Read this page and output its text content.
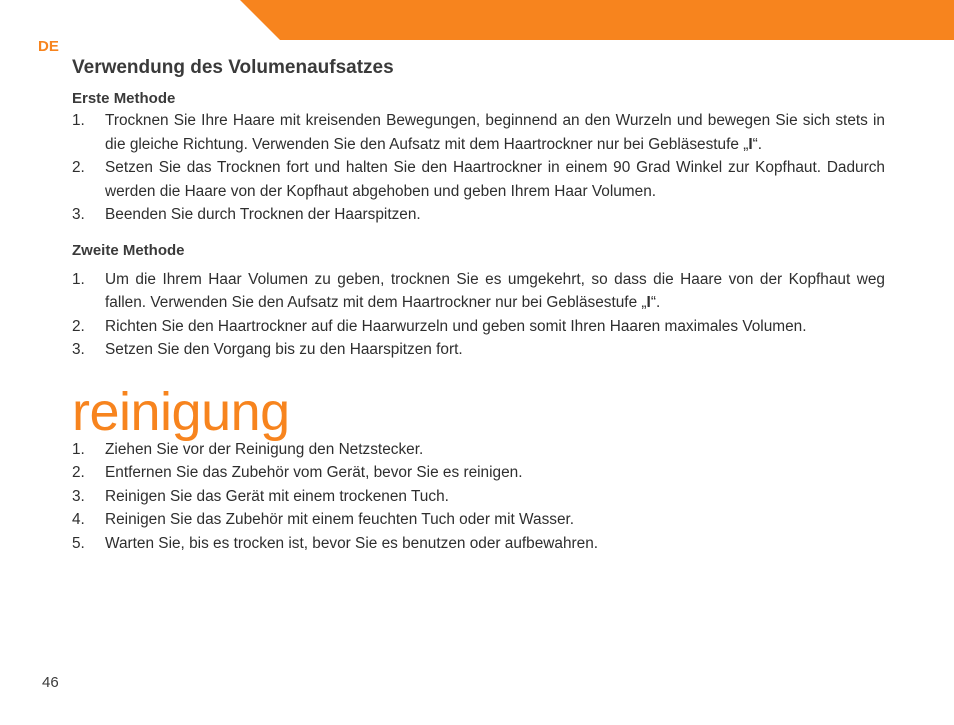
DE
Verwendung des Volumenaufsatzes
Erste Methode
1. Trocknen Sie Ihre Haare mit kreisenden Bewegungen, beginnend an den Wurzeln und bewegen Sie sich stets in die gleiche Richtung. Verwenden Sie den Aufsatz mit dem Haartrockner nur bei Gebläsestufe „I“.
2. Setzen Sie das Trocknen fort und halten Sie den Haartrockner in einem 90 Grad Winkel zur Kopfhaut. Dadurch werden die Haare von der Kopfhaut abgehoben und geben Ihrem Haar Volumen.
3. Beenden Sie durch Trocknen der Haarspitzen.
Zweite Methode
1. Um die Ihrem Haar Volumen zu geben, trocknen Sie es umgekehrt, so dass die Haare von der Kopfhaut weg fallen. Verwenden Sie den Aufsatz mit dem Haartrockner nur bei Gebläsestufe „I“.
2. Richten Sie den Haartrockner auf die Haarwurzeln und geben somit Ihren Haaren maximales Volumen.
3. Setzen Sie den Vorgang bis zu den Haarspitzen fort.
reinigung
1. Ziehen Sie vor der Reinigung den Netzstecker.
2. Entfernen Sie das Zubehör vom Gerät, bevor Sie es reinigen.
3. Reinigen Sie das Gerät mit einem trockenen Tuch.
4. Reinigen Sie das Zubehör mit einem feuchten Tuch oder mit Wasser.
5. Warten Sie, bis es trocken ist, bevor Sie es benutzen oder aufbewahren.
46
